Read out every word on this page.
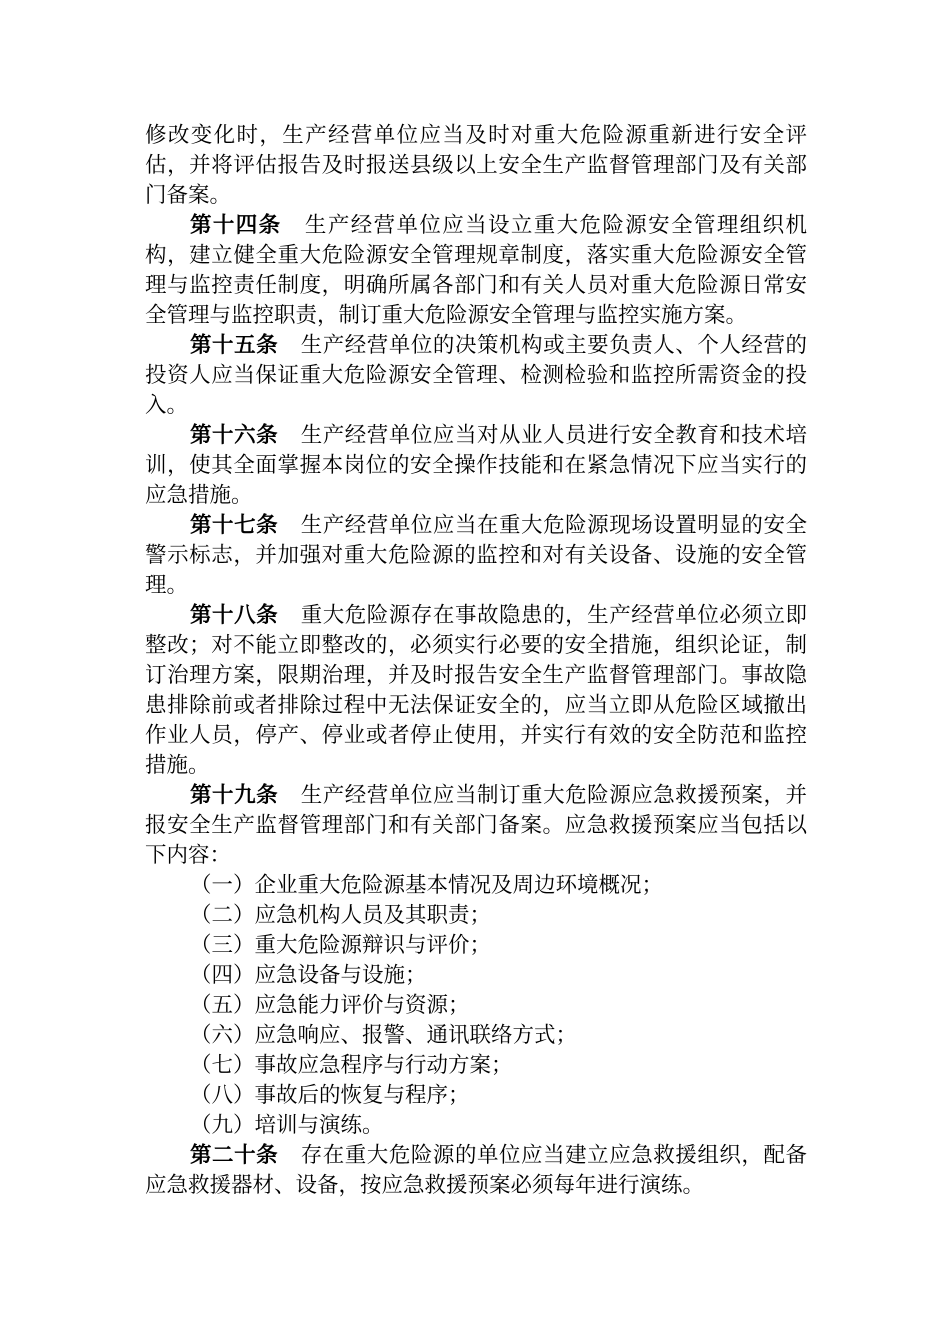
修改变化时，生产经营单位应当及时对重大危险源重新进行安全评估，并将评估报告及时报送县级以上安全生产监督管理部门及有关部门备案。

第十四条 生产经营单位应当设立重大危险源安全管理组织机构，建立健全重大危险源安全管理规章制度，落实重大危险源安全管理与监控责任制度，明确所属各部门和有关人员对重大危险源日常安全管理与监控职责，制订重大危险源安全管理与监控实施方案。

第十五条 生产经营单位的决策机构或主要负责人、个人经营的投资人应当保证重大危险源安全管理、检测检验和监控所需资金的投入。

第十六条 生产经营单位应当对从业人员进行安全教育和技术培训，使其全面掌握本岗位的安全操作技能和在紧急情况下应当实行的应急措施。

第十七条 生产经营单位应当在重大危险源现场设置明显的安全警示标志，并加强对重大危险源的监控和对有关设备、设施的安全管理。

第十八条 重大危险源存在事故隐患的，生产经营单位必须立即整改；对不能立即整改的，必须实行必要的安全措施，组织论证，制订治理方案，限期治理，并及时报告安全生产监督管理部门。事故隐患排除前或者排除过程中无法保证安全的，应当立即从危险区域撤出作业人员，停产、停业或者停止使用，并实行有效的安全防范和监控措施。

第十九条 生产经营单位应当制订重大危险源应急救援预案，并报安全生产监督管理部门和有关部门备案。应急救援预案应当包括以下内容：

（一）企业重大危险源基本情况及周边环境概况；

（二）应急机构人员及其职责；

（三）重大危险源辩识与评价；

（四）应急设备与设施；

（五）应急能力评价与资源；

（六）应急响应、报警、通讯联络方式；

（七）事故应急程序与行动方案；

（八）事故后的恢复与程序；

（九）培训与演练。

第二十条 存在重大危险源的单位应当建立应急救援组织，配备应急救援器材、设备，按应急救援预案必须每年进行演练。
